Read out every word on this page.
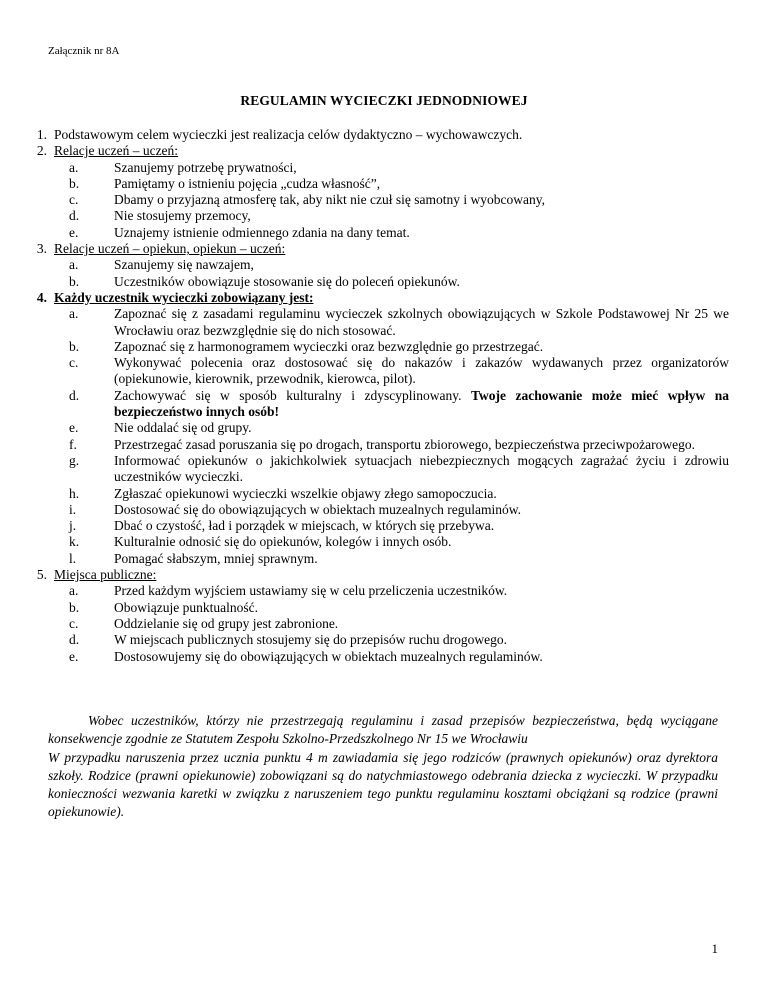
Załącznik nr 8A
REGULAMIN WYCIECZKI JEDNODNIOWEJ
1. Podstawowym celem wycieczki jest realizacja celów dydaktyczno – wychowawczych.
2. Relacje uczeń – uczeń:
a.	Szanujemy potrzebę prywatności,
b.	Pamiętamy o istnieniu pojęcia „cudza własność”,
c.	Dbamy o przyjazną atmosferę tak, aby nikt nie czuł się samotny i wyobcowany,
d.	Nie stosujemy przemocy,
e.	Uznajemy istnienie odmiennego zdania na dany temat.
3. Relacje uczeń – opiekun, opiekun – uczeń:
a.	Szanujemy się nawzajem,
b.	Uczestników obowiązuje stosowanie się do poleceń opiekunów.
4. Każdy uczestnik wycieczki zobowiązany jest:
a.	Zapoznać się z zasadami regulaminu wycieczek szkolnych obowiązujących w Szkole Podstawowej Nr 25 we Wrocławiu oraz bezwzględnie się do nich stosować.
b.	Zapoznać się z harmonogramem wycieczki oraz bezwzględnie go przestrzegać.
c.	Wykonywać polecenia oraz dostosować się do nakazów i zakazów wydawanych przez organizatorów (opiekunowie, kierownik, przewodnik, kierowca, pilot).
d.	Zachowywać się w sposób kulturalny i zdyscyplinowany. Twoje zachowanie może mieć wpływ na bezpieczeństwo innych osób!
e.	Nie oddalać się od grupy.
f.	Przestrzegać zasad poruszania się po drogach, transportu zbiorowego, bezpieczeństwa przeciwpożarowego.
g.	Informować opiekunów o jakichkolwiek sytuacjach niebezpiecznych mogących zagrażać życiu i zdrowiu uczestników wycieczki.
h.	Zgłaszać opiekunowi wycieczki wszelkie objawy złego samopoczucia.
i.	Dostosować się do obowiązujących w obiektach muzealnych regulaminów.
j.	Dbać o czystość, ład i porządek w miejscach, w których się przebywa.
k.	Kulturalnie odnosić się do opiekunów, kolegów i innych osób.
l.	Pomagać słabszym, mniej sprawnym.
5. Miejsca publiczne:
a.	Przed każdym wyjściem ustawiamy się w celu przeliczenia uczestników.
b.	Obowiązuje punktualność.
c.	Oddzielanie się od grupy jest zabronione.
d.	W miejscach publicznych stosujemy się do przepisów ruchu drogowego.
e.	Dostosowujemy się do obowiązujących w obiektach muzealnych regulaminów.

Wobec uczestników, którzy nie przestrzegają regulaminu i zasad przepisów bezpieczeństwa, będą wyciągane konsekwencje zgodnie ze Statutem Zespołu Szkolno-Przedszkolnego Nr 15 we Wrocławiu

W przypadku naruszenia przez ucznia punktu 4 m zawiadamia się jego rodziców (prawnych opiekunów) oraz dyrektora szkoły. Rodzice (prawni opiekunowie) zobowiązani są do natychmiastowego odebrania dziecka z wycieczki. W przypadku konieczności wezwania karetki w związku z naruszeniem tego punktu regulaminu kosztami obciążani są rodzice (prawni opiekunowie).

1
